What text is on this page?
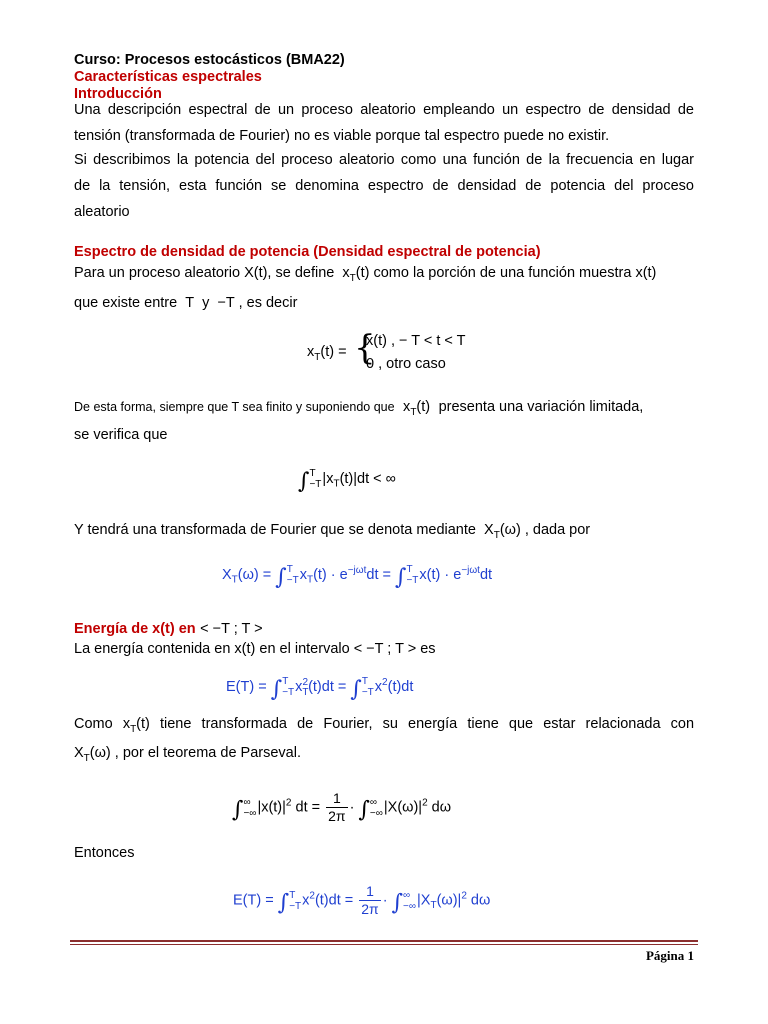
Curso: Procesos estocásticos (BMA22)
Características espectrales
Introducción
Una descripción espectral de un proceso aleatorio empleando un espectro de densidad de
tensión (transformada de Fourier) no es viable porque tal espectro puede no existir.
Si describimos la potencia del proceso aleatorio como una función de la frecuencia en lugar
de la tensión, esta función se denomina espectro de densidad de potencia del proceso
aleatorio
Espectro de densidad de potencia (Densidad espectral de potencia)
Para un proceso aleatorio X(t), se define  $x_T(t)$ como la porción de una función muestra x(t)
que existe entre  T  y  −T , es decir
$x_T(t)$ = {
x(t) , − T < t < T
0 , otro caso
De esta forma, siempre que T sea finito y suponiendo que  $x_T(t)$  presenta una variación limitada,
se verifica que
∫T
$-T|x_T(t)|dt$ < ∞
Y tendrá una transformada de Fourier que se denota mediante  $X_T(\omega)$ , dada por
$X_T(\omega) = \int T$
$-Tx_T(t) \cdot e^{-j\omega t}dt = \int T$
$-Tx(t) \cdot e^{-j\omega t}dt$
Energía de x(t) en < −T ; T >
La energía contenida en x(t) en el intervalo < −T ; T > es
E(T) = ∫T
$-Tx_T^2(t)dt = \int T$
$-Tx^2(t)dt$
Como $x_T(t)$ tiene transformada de Fourier, su energía tiene que estar relacionada con
$X_T(\omega)$ , por el teorema de Parseval.
∫∞
$-\infty|x(t)|^2$ dt = $\frac{1}{2\pi}$ · ∫∞
$-\infty|X(\omega)|^2$ dω
Entonces
E(T) = ∫T
$-Tx^2(t)dt = \frac{1}{2\pi}$ · ∫∞
$-\infty|X_T(\omega)|^2$ dω
Página 1
